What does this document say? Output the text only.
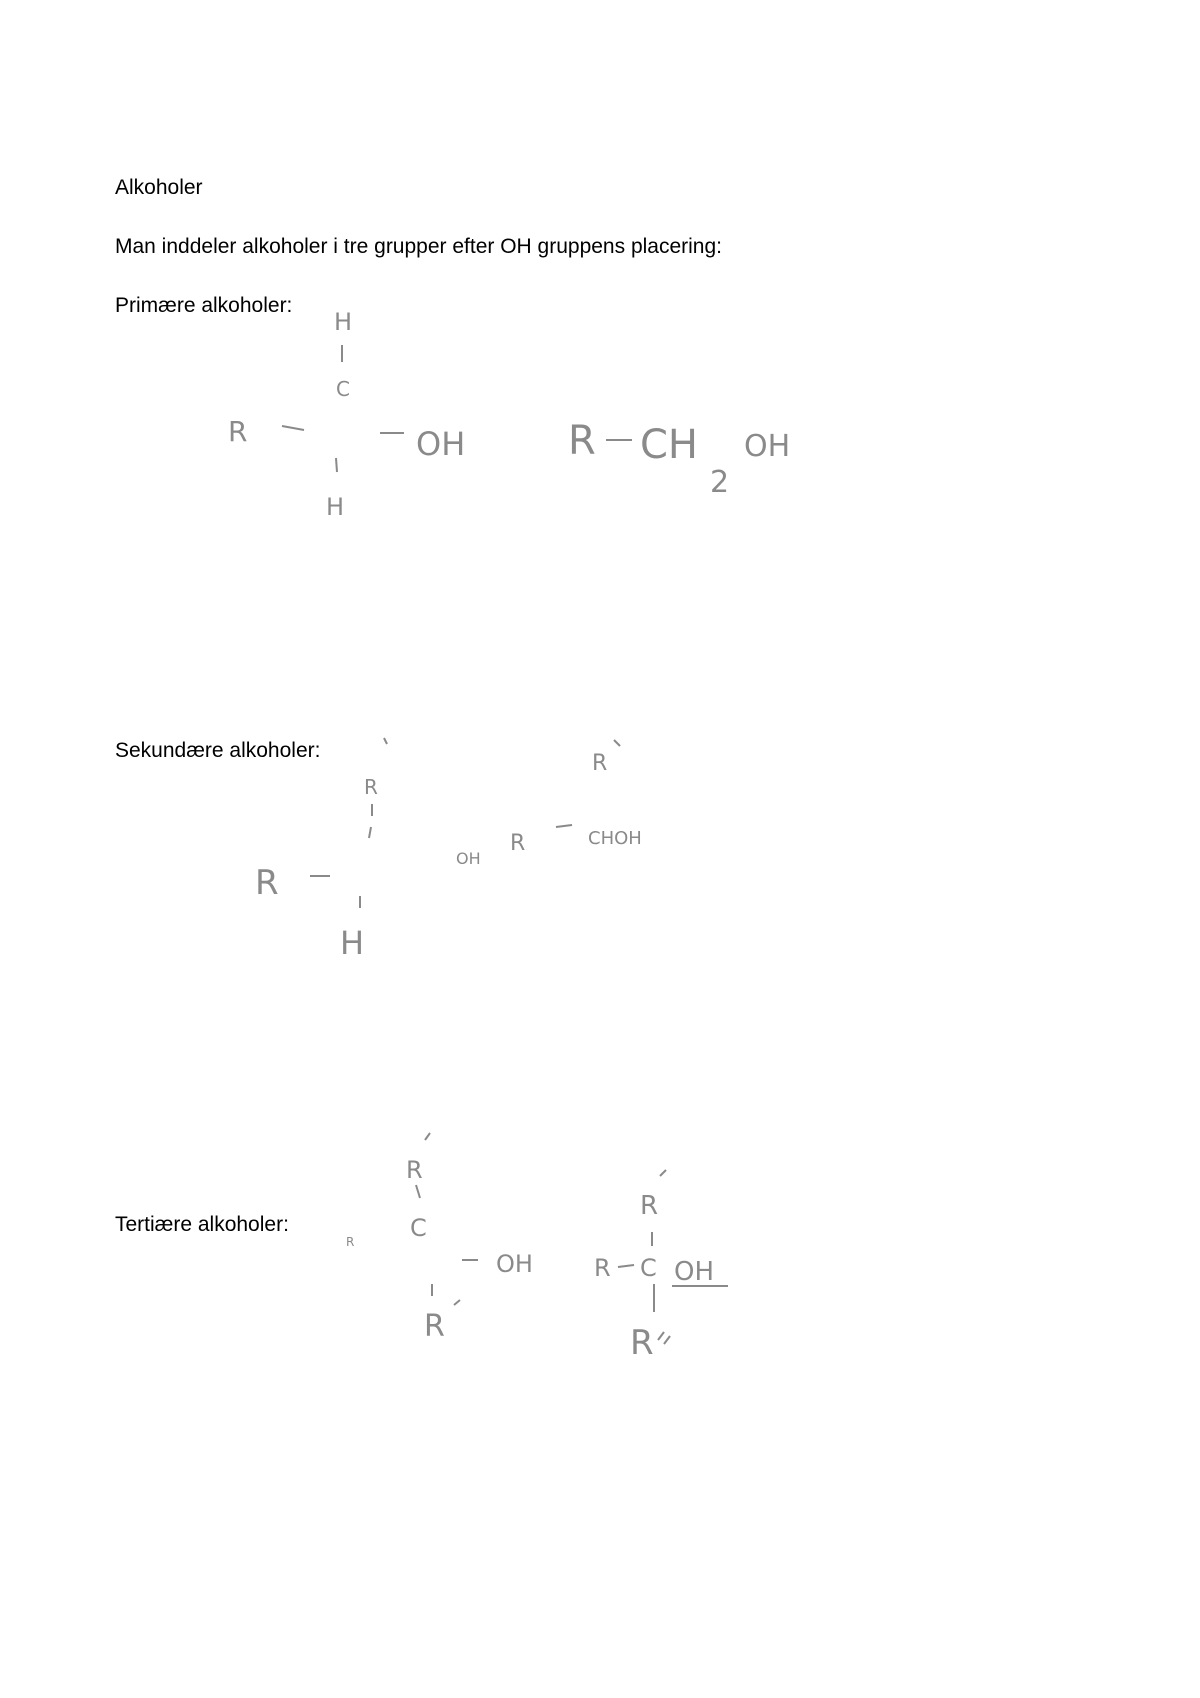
Alkoholer
Man inddeler alkoholer i tre grupper efter OH gruppens placering:
Primære alkoholer:
Sekundære alkoholer:
Tertiære alkoholer:
H
C
R	OH
H
R CH
2
OH
R
R
H
OH
R
R	CHOH
R
C
R
OH
R
R
R C OH
R
